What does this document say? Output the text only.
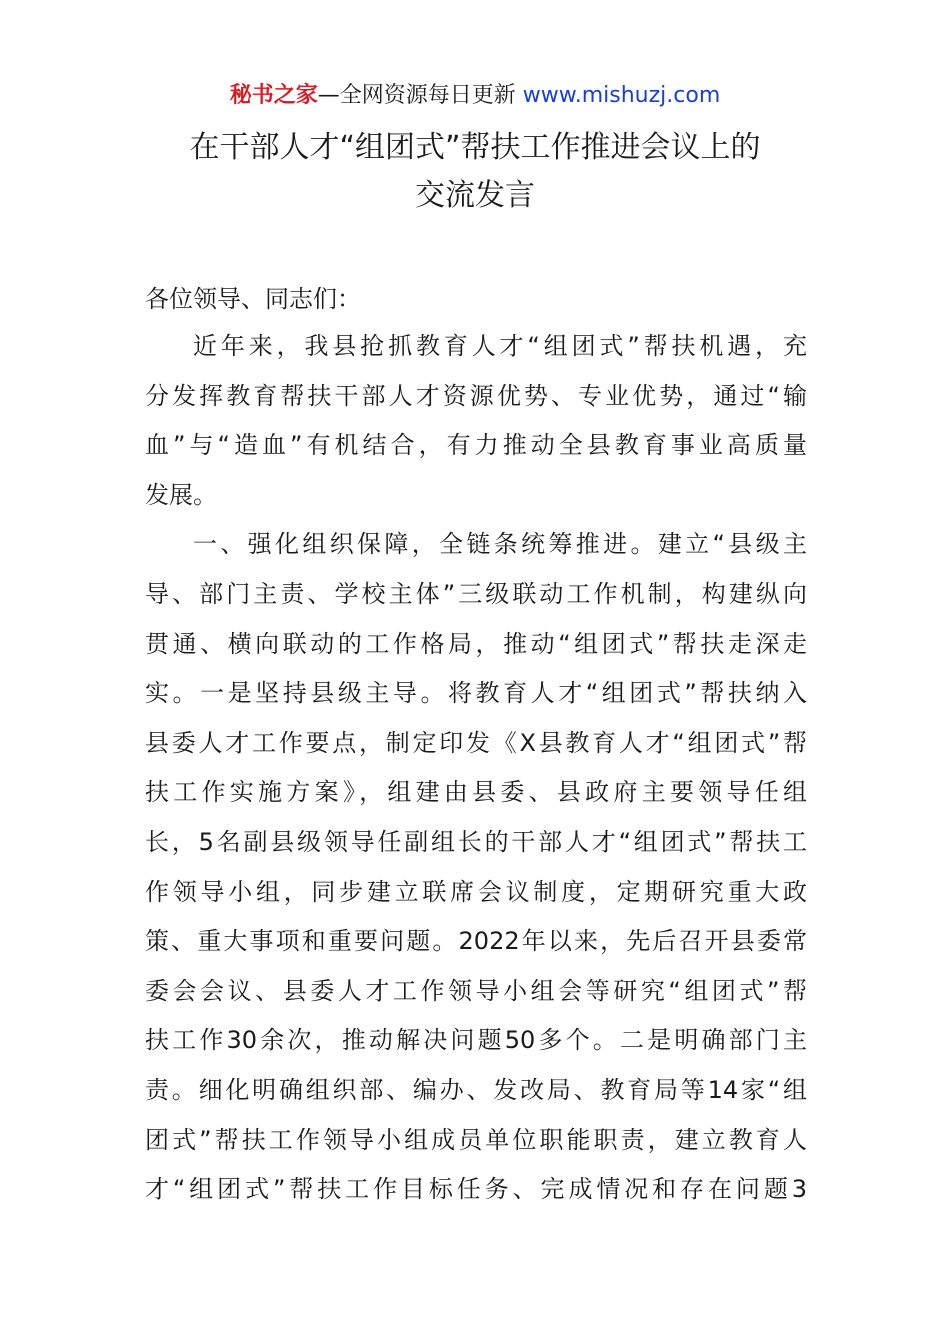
秘书之家—全网资源每日更新 www.mishuzj.com
在干部人才“组团式”帮扶工作推进会议上的
交流发言
各位领导、同志们：
近年来，我县抢抓教育人才“组团式”帮扶机遇，充
分发挥教育帮扶干部人才资源优势、专业优势，通过“输
血”与“造血”有机结合，有力推动全县教育事业高质量
发展。
一、强化组织保障，全链条统筹推进。建立“县级主
导、部门主责、学校主体”三级联动工作机制，构建纵向
贯通、横向联动的工作格局，推动“组团式”帮扶走深走
实。一是坚持县级主导。将教育人才“组团式”帮扶纳入
县委人才工作要点，制定印发《X县教育人才“组团式”帮
扶工作实施方案》，组建由县委、县政府主要领导任组
长，5名副县级领导任副组长的干部人才“组团式”帮扶工
作领导小组，同步建立联席会议制度，定期研究重大政
策、重大事项和重要问题。2022年以来，先后召开县委常
委会会议、县委人才工作领导小组会等研究“组团式”帮
扶工作30余次，推动解决问题50多个。二是明确部门主
责。细化明确组织部、编办、发改局、教育局等14家“组
团式”帮扶工作领导小组成员单位职能职责，建立教育人
才“组团式”帮扶工作目标任务、完成情况和存在问题3
